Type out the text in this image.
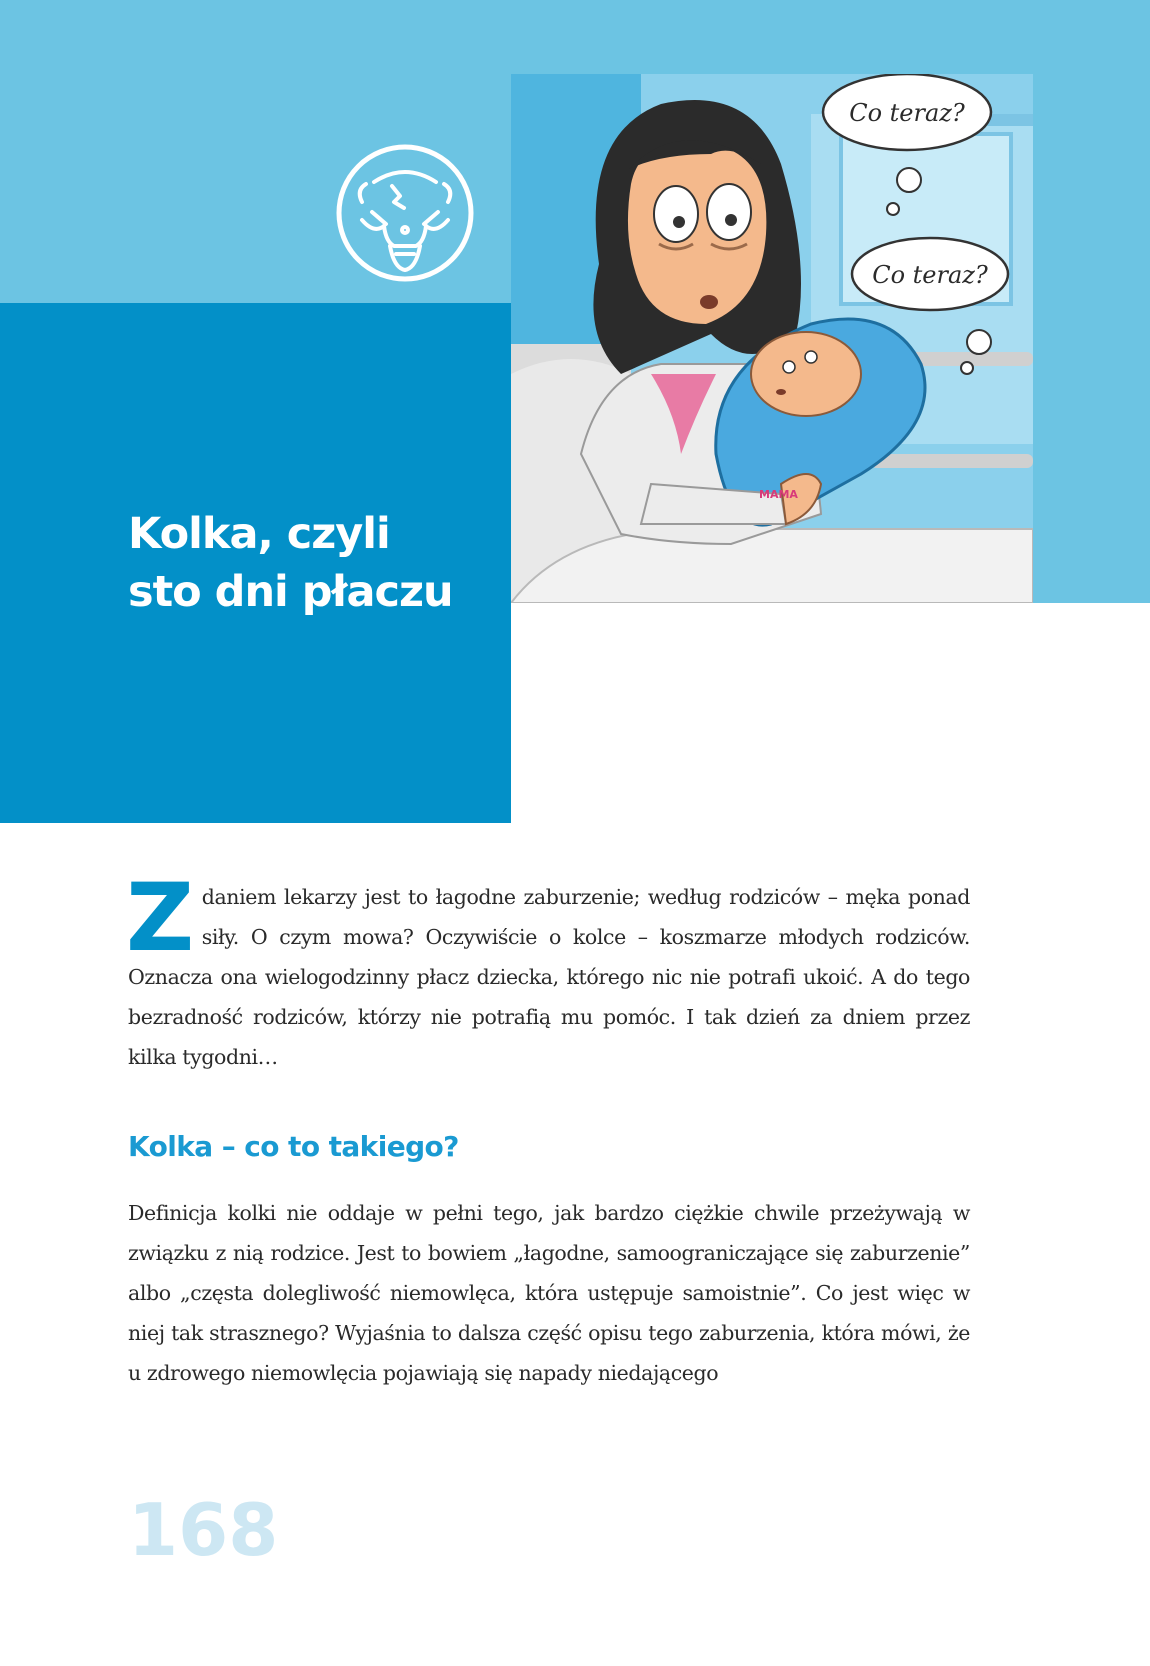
Kolka, czyli
sto dni płaczu
MAMA
Co teraz?
Co teraz?
Zdaniem lekarzy jest to łagodne zaburzenie; według rodziców – męka ponad siły. O czym mowa? Oczywiście o kolce – koszmarze młodych rodziców. Oznacza ona wielogodzinny płacz dziecka, którego nic nie potrafi ukoić. A do tego bezradność rodziców, którzy nie potrafią mu pomóc. I tak dzień za dniem przez kilka tygodni…
Kolka – co to takiego?
Definicja kolki nie oddaje w pełni tego, jak bardzo ciężkie chwile przeżywają w związku z nią rodzice. Jest to bowiem „łagodne, samoograniczające się zaburzenie” albo „częsta dolegliwość niemowlęca, która ustępuje samoistnie”. Co jest więc w niej tak strasznego? Wyjaśnia to dalsza część opisu tego zaburzenia, która mówi, że u zdrowego niemowlęcia pojawiają się napady niedającego
168
